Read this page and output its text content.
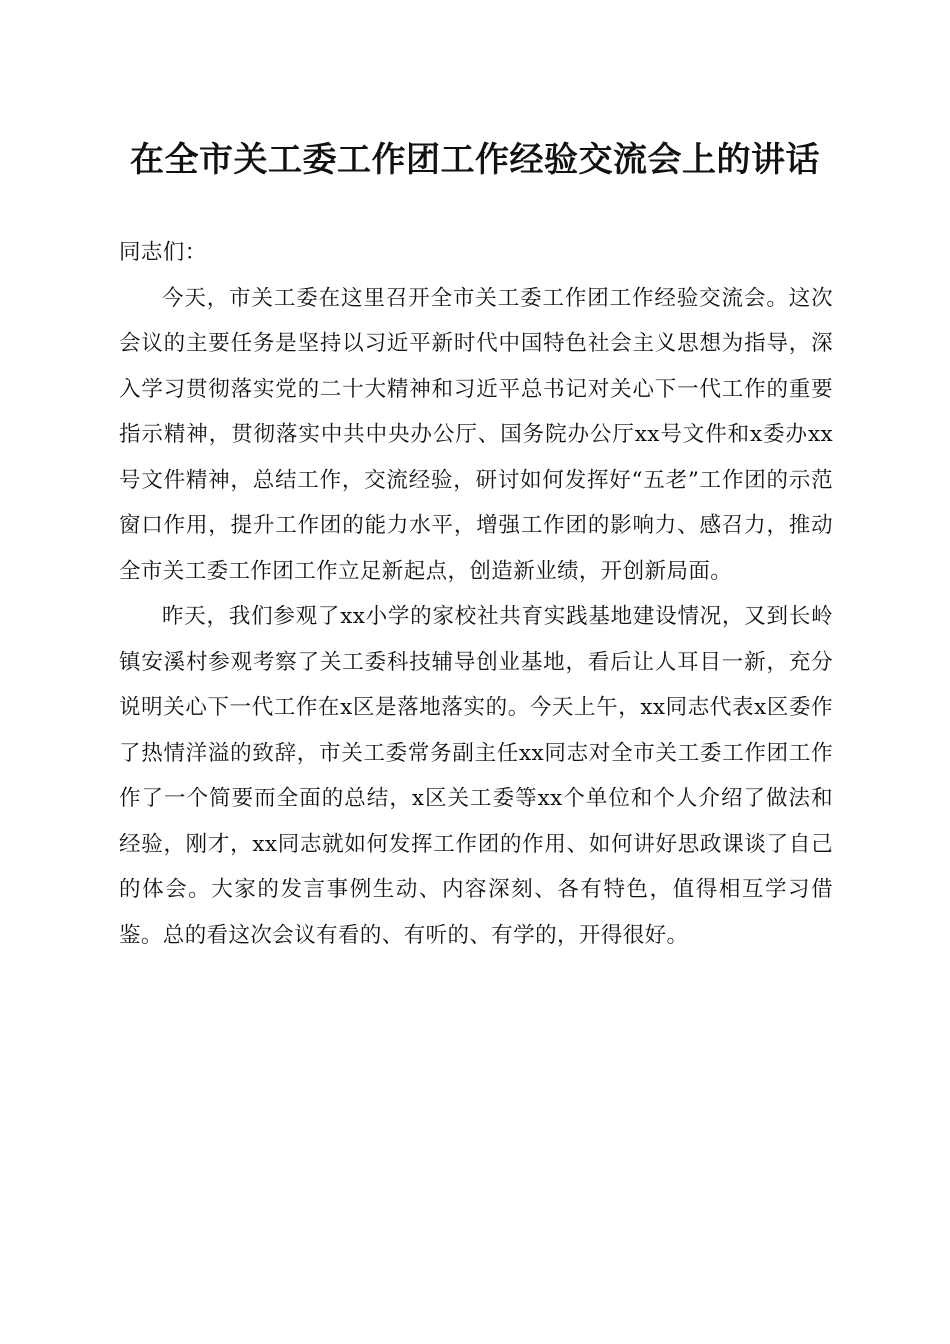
在全市关工委工作团工作经验交流会上的讲话

同志们：

今天，市关工委在这里召开全市关工委工作团工作经验交流会。这次会议的主要任务是坚持以习近平新时代中国特色社会主义思想为指导，深入学习贯彻落实党的二十大精神和习近平总书记对关心下一代工作的重要指示精神，贯彻落实中共中央办公厅、国务院办公厅xx号文件和x委办xx号文件精神，总结工作，交流经验，研讨如何发挥好“五老”工作团的示范窗口作用，提升工作团的能力水平，增强工作团的影响力、感召力，推动全市关工委工作团工作立足新起点，创造新业绩，开创新局面。

昨天，我们参观了xx小学的家校社共育实践基地建设情况，又到长岭镇安溪村参观考察了关工委科技辅导创业基地，看后让人耳目一新，充分说明关心下一代工作在x区是落地落实的。今天上午，xx同志代表x区委作了热情洋溢的致辞，市关工委常务副主任xx同志对全市关工委工作团工作作了一个简要而全面的总结，x区关工委等xx个单位和个人介绍了做法和经验，刚才，xx同志就如何发挥工作团的作用、如何讲好思政课谈了自己的体会。大家的发言事例生动、内容深刻、各有特色，值得相互学习借鉴。总的看这次会议有看的、有听的、有学的，开得很好。
